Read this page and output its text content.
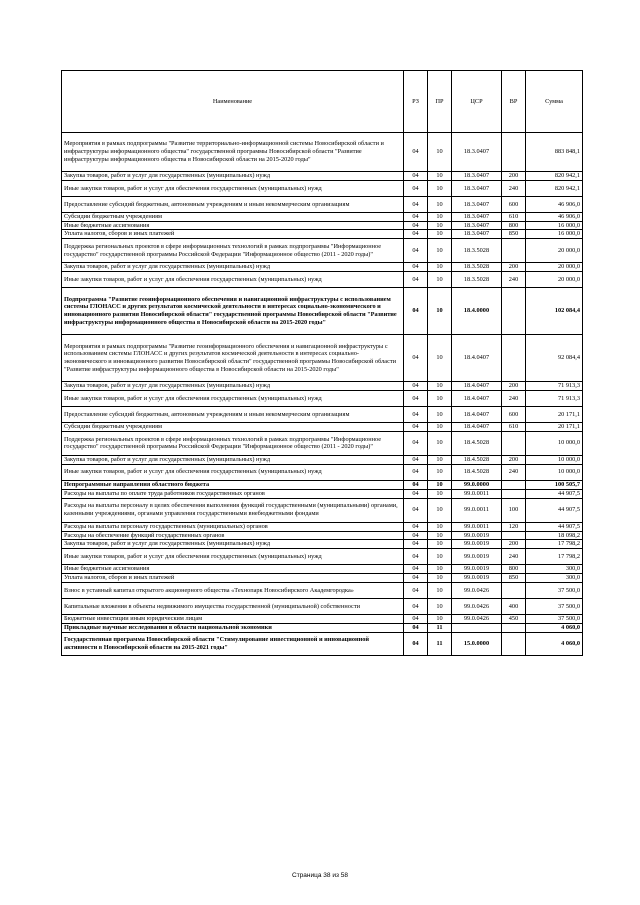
Наименование	РЗ	ПР	ЦСР	ВР	Сумма
Мероприятия в рамках подпрограммы "Развитие территориально-информационной системы Новосибирской области и инфраструктуры информационного общества" государственной программы Новосибирской области "Развитие инфраструктуры информационного общества в Новосибирской области на 2015-2020 годы"	04	10	18.3.0407		883 848,1
Закупка товаров, работ и услуг для государственных (муниципальных) нужд	04	10	18.3.0407	200	820 942,1
Иные закупки товаров, работ и услуг для обеспечения государственных (муниципальных) нужд	04	10	18.3.0407	240	820 942,1
Предоставление субсидий бюджетным, автономным учреждениям и иным некоммерческим организациям	04	10	18.3.0407	600	46 906,0
Субсидии бюджетным учреждениям	04	10	18.3.0407	610	46 906,0
Иные бюджетные ассигнования	04	10	18.3.0407	800	16 000,0
Уплата налогов, сборов и иных платежей	04	10	18.3.0407	850	16 000,0
Поддержка региональных проектов в сфере информационных технологий в рамках подпрограммы "Информационное государство" государственной программы Российской Федерации "Информационное общество (2011 - 2020 годы)"	04	10	18.3.5028		20 000,0
Закупка товаров, работ и услуг для государственных (муниципальных) нужд	04	10	18.3.5028	200	20 000,0
Иные закупки товаров, работ и услуг для обеспечения государственных (муниципальных) нужд	04	10	18.3.5028	240	20 000,0
Подпрограмма "Развитие геоинформационного обеспечения и навигационной инфраструктуры с использованием системы ГЛОНАСС и других результатов космической деятельности в интересах социально-экономического и инновационного развития Новосибирской области" государственной программы Новосибирской области "Развитие инфраструктуры информационного общества в Новосибирской области на 2015-2020 годы"	04	10	18.4.0000		102 084,4
Мероприятия в рамках подпрограммы "Развитие геоинформационного обеспечения и навигационной инфраструктуры с использованием системы ГЛОНАСС и других результатов космической деятельности в интересах социально-экономического и инновационного развития Новосибирской области" государственной программы Новосибирской области "Развитие инфраструктуры информационного общества в Новосибирской области на 2015-2020 годы"	04	10	18.4.0407		92 084,4
Закупка товаров, работ и услуг для государственных (муниципальных) нужд	04	10	18.4.0407	200	71 913,3
Иные закупки товаров, работ и услуг для обеспечения государственных (муниципальных) нужд	04	10	18.4.0407	240	71 913,3
Предоставление субсидий бюджетным, автономным учреждениям и иным некоммерческим организациям	04	10	18.4.0407	600	20 171,1
Субсидии бюджетным учреждениям	04	10	18.4.0407	610	20 171,1
Поддержка региональных проектов в сфере информационных технологий в рамках подпрограммы "Информационное государство" государственной программы Российской Федерации "Информационное общество (2011 - 2020 годы)"	04	10	18.4.5028		10 000,0
Закупка товаров, работ и услуг для государственных (муниципальных) нужд	04	10	18.4.5028	200	10 000,0
Иные закупки товаров, работ и услуг для обеспечения государственных (муниципальных) нужд	04	10	18.4.5028	240	10 000,0
Непрограммные направления областного бюджета	04	10	99.0.0000		100 505,7
Расходы на выплаты по оплате труда работников государственных органов	04	10	99.0.0011		44 907,5
Расходы на выплаты персоналу в целях обеспечения выполнения функций государственными (муниципальными) органами, казенными учреждениями, органами управления государственными внебюджетными фондами	04	10	99.0.0011	100	44 907,5
Расходы на выплаты персоналу государственных (муниципальных) органов	04	10	99.0.0011	120	44 907,5
Расходы на обеспечение функций государственных органов	04	10	99.0.0019		18 098,2
Закупка товаров, работ и услуг для государственных (муниципальных) нужд	04	10	99.0.0019	200	17 798,2
Иные закупки товаров, работ и услуг для обеспечения государственных (муниципальных) нужд	04	10	99.0.0019	240	17 798,2
Иные бюджетные ассигнования	04	10	99.0.0019	800	300,0
Уплата налогов, сборов и иных платежей	04	10	99.0.0019	850	300,0
Взнос в уставный капитал открытого акционерного общества «Технопарк Новосибирского Академгородка»	04	10	99.0.0426		37 500,0
Капитальные вложения в объекты недвижимого имущества государственной (муниципальной) собственности	04	10	99.0.0426	400	37 500,0
Бюджетные инвестиции иным юридическим лицам	04	10	99.0.0426	450	37 500,0
Прикладные научные исследования в области национальной экономики	04	11			4 060,0
Государственная программа Новосибирской области "Стимулирование инвестиционной и инновационной активности в Новосибирской области на 2015-2021 годы"	04	11	15.0.0000		4 060,0
Страница 38 из 58
